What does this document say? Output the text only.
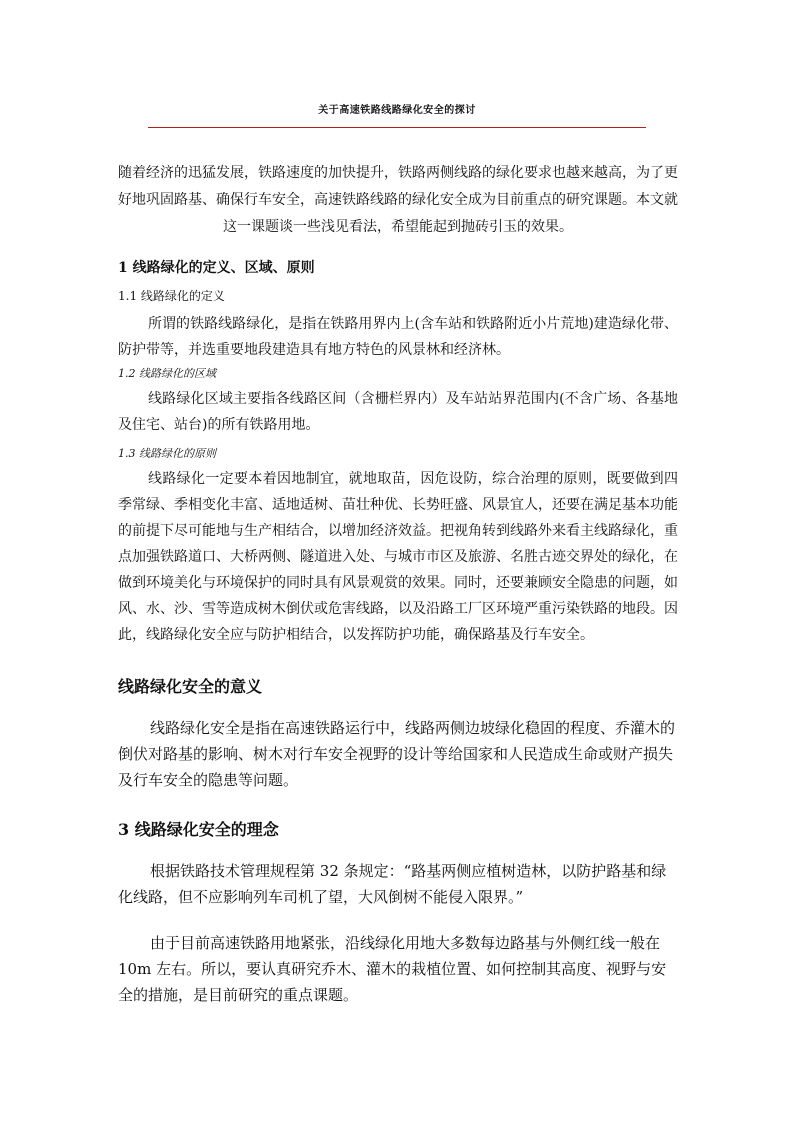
关于高速铁路线路绿化安全的探讨

随着经济的迅猛发展，铁路速度的加快提升，铁路两侧线路的绿化要求也越来越高，为了更好地巩固路基、确保行车安全，高速铁路线路的绿化安全成为目前重点的研究课题。本文就这一课题谈一些浅见看法，希望能起到抛砖引玉的效果。

1 线路绿化的定义、区域、原则
1.1 线路绿化的定义

所谓的铁路线路绿化，是指在铁路用界内上(含车站和铁路附近小片荒地)建造绿化带、防护带等，并选重要地段建造具有地方特色的风景林和经济林。

1.2 线路绿化的区域

线路绿化区域主要指各线路区间（含栅栏界内）及车站站界范围内(不含广场、各基地及住宅、站台)的所有铁路用地。

1.3 线路绿化的原则

线路绿化一定要本着因地制宜，就地取苗，因危设防，综合治理的原则，既要做到四季常绿、季相变化丰富、适地适树、苗壮种优、长势旺盛、风景宜人，还要在满足基本功能的前提下尽可能地与生产相结合，以增加经济效益。把视角转到线路外来看主线路绿化，重点加强铁路道口、大桥两侧、隧道进入处、与城市市区及旅游、名胜古迹交界处的绿化，在做到环境美化与环境保护的同时具有风景观赏的效果。同时，还要兼顾安全隐患的问题，如风、水、沙、雪等造成树木倒伏或危害线路，以及沿路工厂区环境严重污染铁路的地段。因此，线路绿化安全应与防护相结合，以发挥防护功能，确保路基及行车安全。

线路绿化安全的意义

线路绿化安全是指在高速铁路运行中，线路两侧边坡绿化稳固的程度、乔灌木的倒伏对路基的影响、树木对行车安全视野的设计等给国家和人民造成生命或财产损失及行车安全的隐患等问题。

3 线路绿化安全的理念

根据铁路技术管理规程第 32 条规定：“路基两侧应植树造林，以防护路基和绿化线路，但不应影响列车司机了望，大风倒树不能侵入限界。”

由于目前高速铁路用地紧张，沿线绿化用地大多数每边路基与外侧红线一般在 10m 左右。所以，要认真研究乔木、灌木的栽植位置、如何控制其高度、视野与安全的措施，是目前研究的重点课题。
